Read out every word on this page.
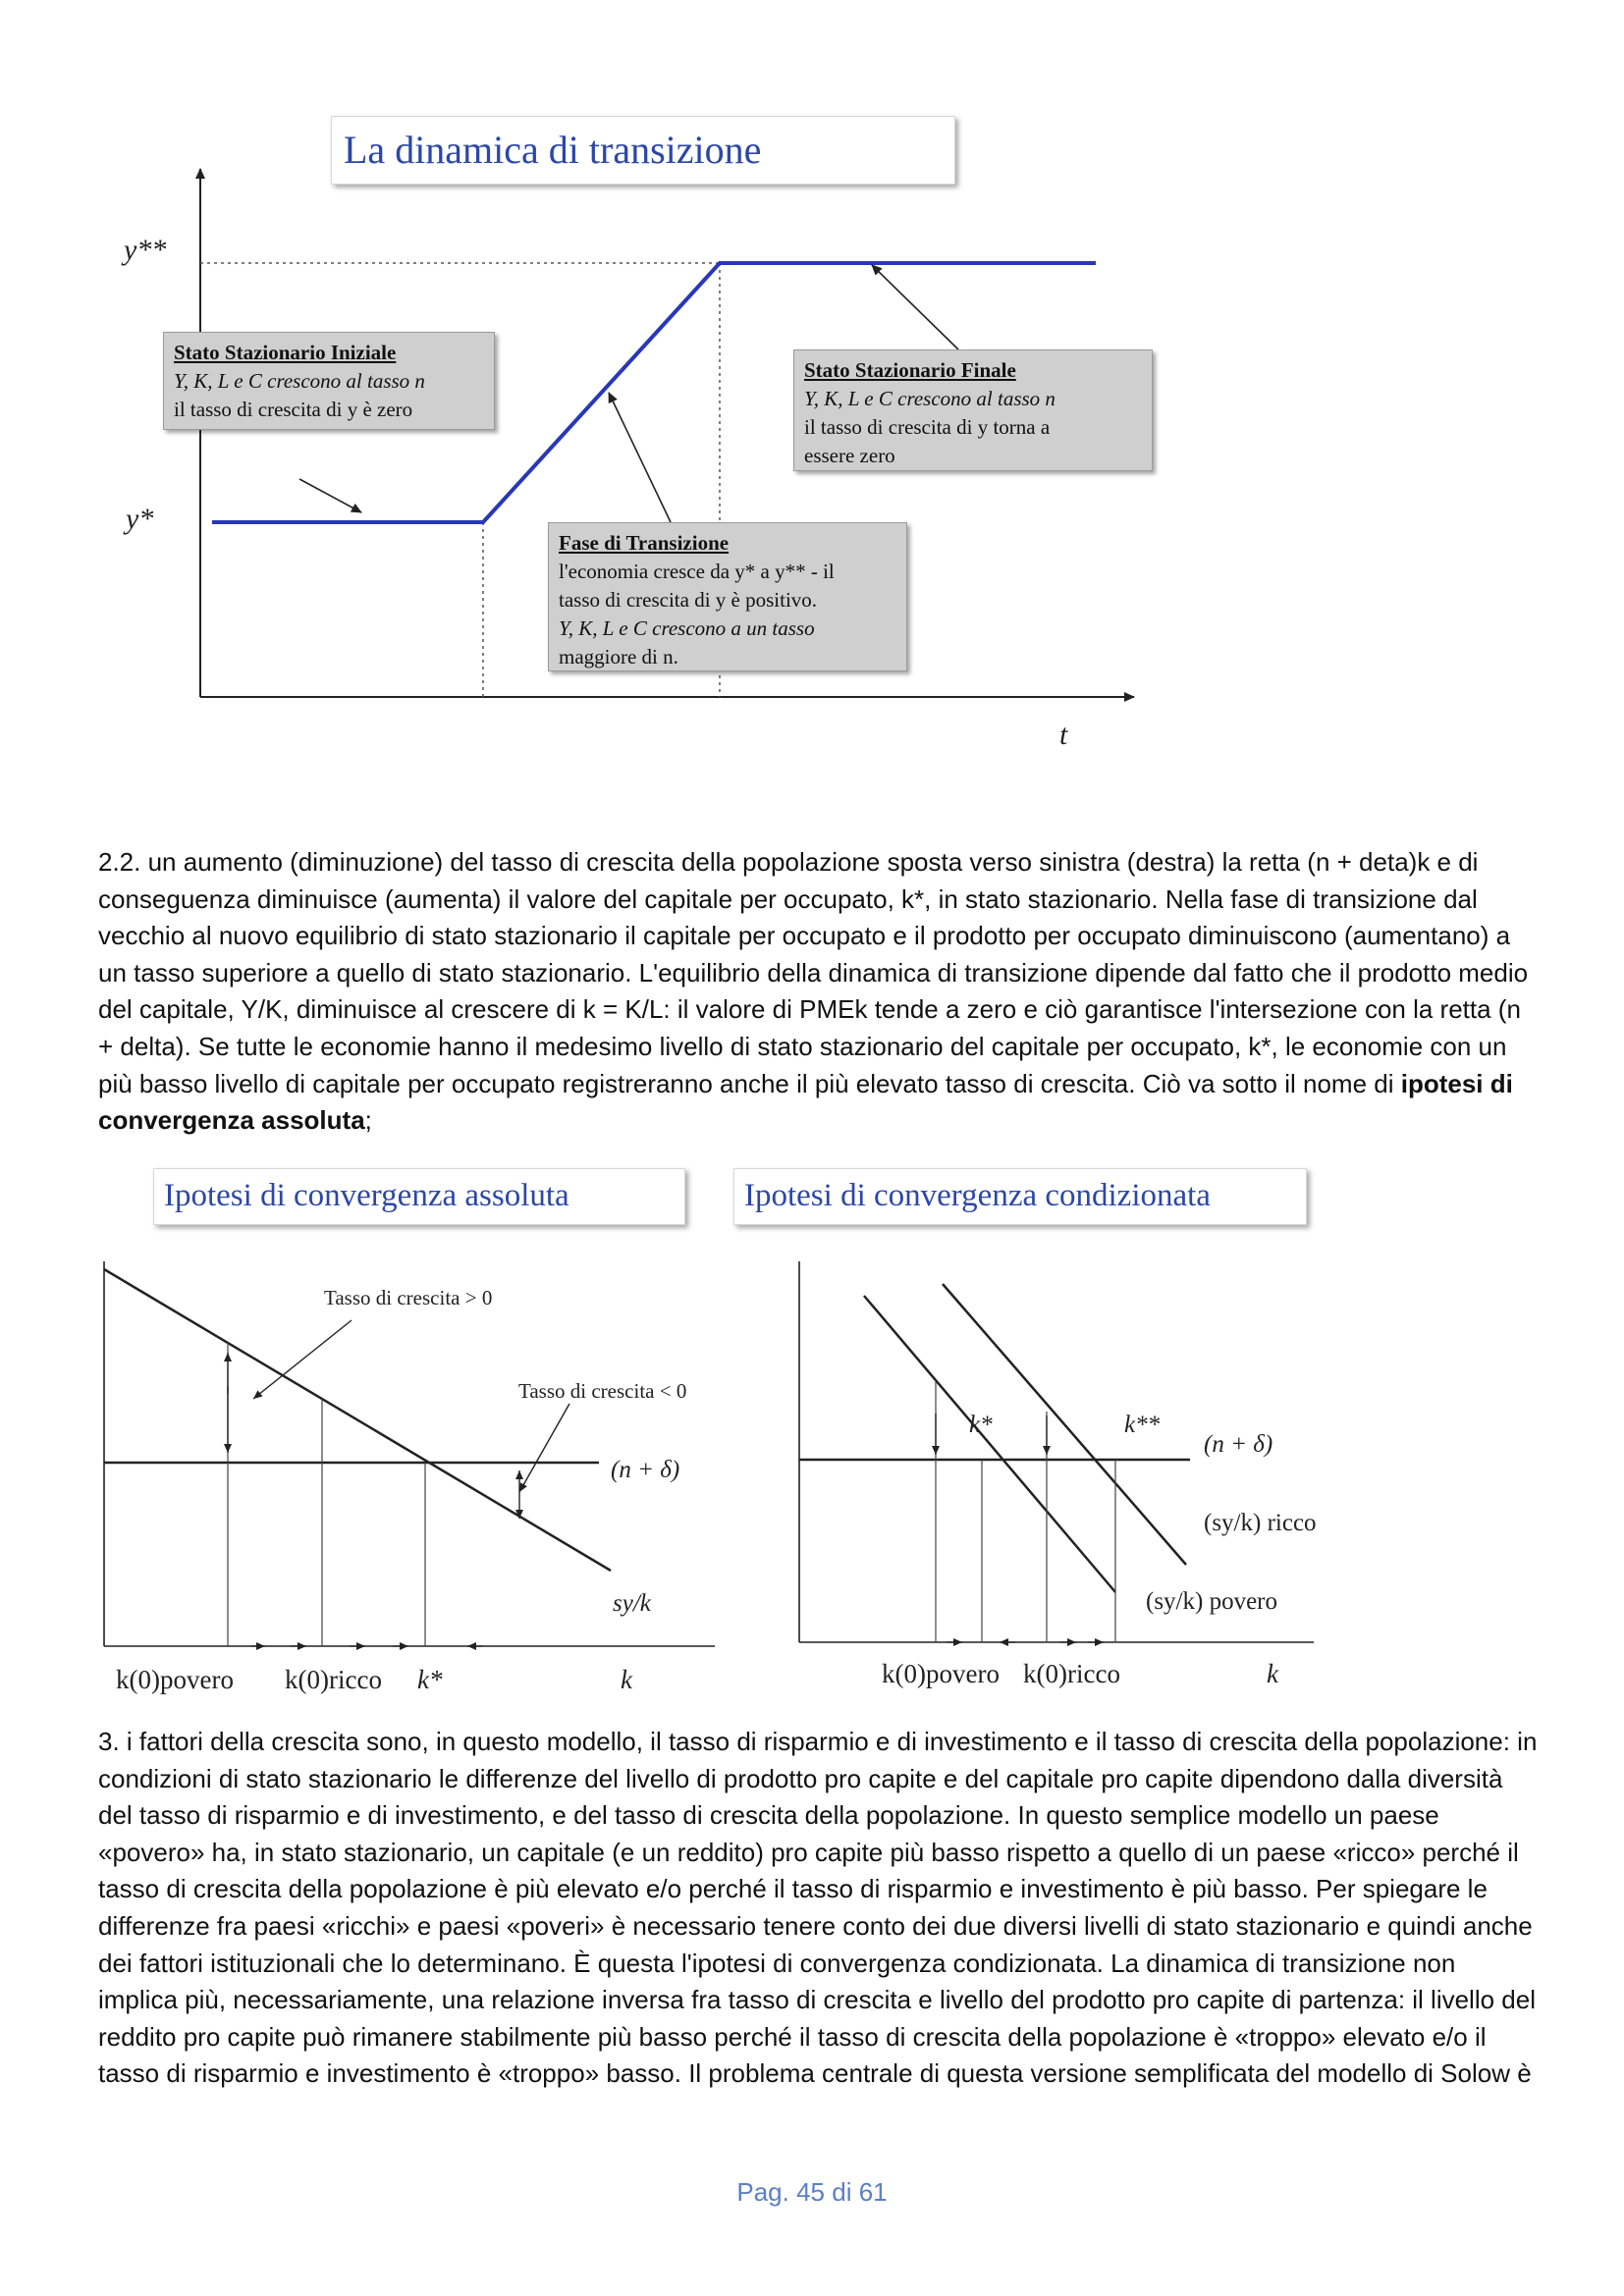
La dinamica di transizione
y**
y*
t
Stato Stazionario Iniziale
Y, K, L e C crescono al tasso n
il tasso di crescita di y è zero
Stato Stazionario Finale
Y, K, L e C crescono al tasso n
il tasso di crescita di y torna a
essere zero
Fase di Transizione
l'economia cresce da y* a y** - il
tasso di crescita di y è positivo.
Y, K, L e C crescono a un tasso
maggiore di n.
2.2. un aumento (diminuzione) del tasso di crescita della popolazione sposta verso sinistra (destra) la retta (n + deta)k e di conseguenza diminuisce (aumenta) il valore del capitale per occupato, k*, in stato stazionario. Nella fase di transizione dal vecchio al nuovo equilibrio di stato stazionario il capitale per occupato e il prodotto per occupato diminuiscono (aumentano) a un tasso superiore a quello di stato stazionario. L'equilibrio della dinamica di transizione dipende dal fatto che il prodotto medio del capitale, Y/K, diminuisce al crescere di k = K/L: il valore di PMEk tende a zero e ciò garantisce l'intersezione con la retta (n + delta). Se tutte le economie hanno il medesimo livello di stato stazionario del capitale per occupato, k*, le economie con un più basso livello di capitale per occupato registreranno anche il più elevato tasso di crescita. Ciò va sotto il nome di ipotesi di convergenza assoluta;
Ipotesi di convergenza assoluta
Tasso di crescita > 0
Tasso di crescita < 0
(n + δ)
sy/k
k(0)povero k(0)ricco k*	k
Ipotesi di convergenza condizionata
k*	k**
(n + δ)
(sy/k) ricco
(sy/k) povero
k(0)povero k(0)ricco	k
3. i fattori della crescita sono, in questo modello, il tasso di risparmio e di investimento e il tasso di crescita della popolazione: in condizioni di stato stazionario le differenze del livello di prodotto pro capite e del capitale pro capite dipendono dalla diversità del tasso di risparmio e di investimento, e del tasso di crescita della popolazione. In questo semplice modello un paese «povero» ha, in stato stazionario, un capitale (e un reddito) pro capite più basso rispetto a quello di un paese «ricco» perché il tasso di crescita della popolazione è più elevato e/o perché il tasso di risparmio e investimento è più basso. Per spiegare le differenze fra paesi «ricchi» e paesi «poveri» è necessario tenere conto dei due diversi livelli di stato stazionario e quindi anche dei fattori istituzionali che lo determinano. È questa l'ipotesi di convergenza condizionata. La dinamica di transizione non implica più, necessariamente, una relazione inversa fra tasso di crescita e livello del prodotto pro capite di partenza: il livello del reddito pro capite può rimanere stabilmente più basso perché il tasso di crescita della popolazione è «troppo» elevato e/o il tasso di risparmio e investimento è «troppo» basso. Il problema centrale di questa versione semplificata del modello di Solow è
Pag. 45 di 61
